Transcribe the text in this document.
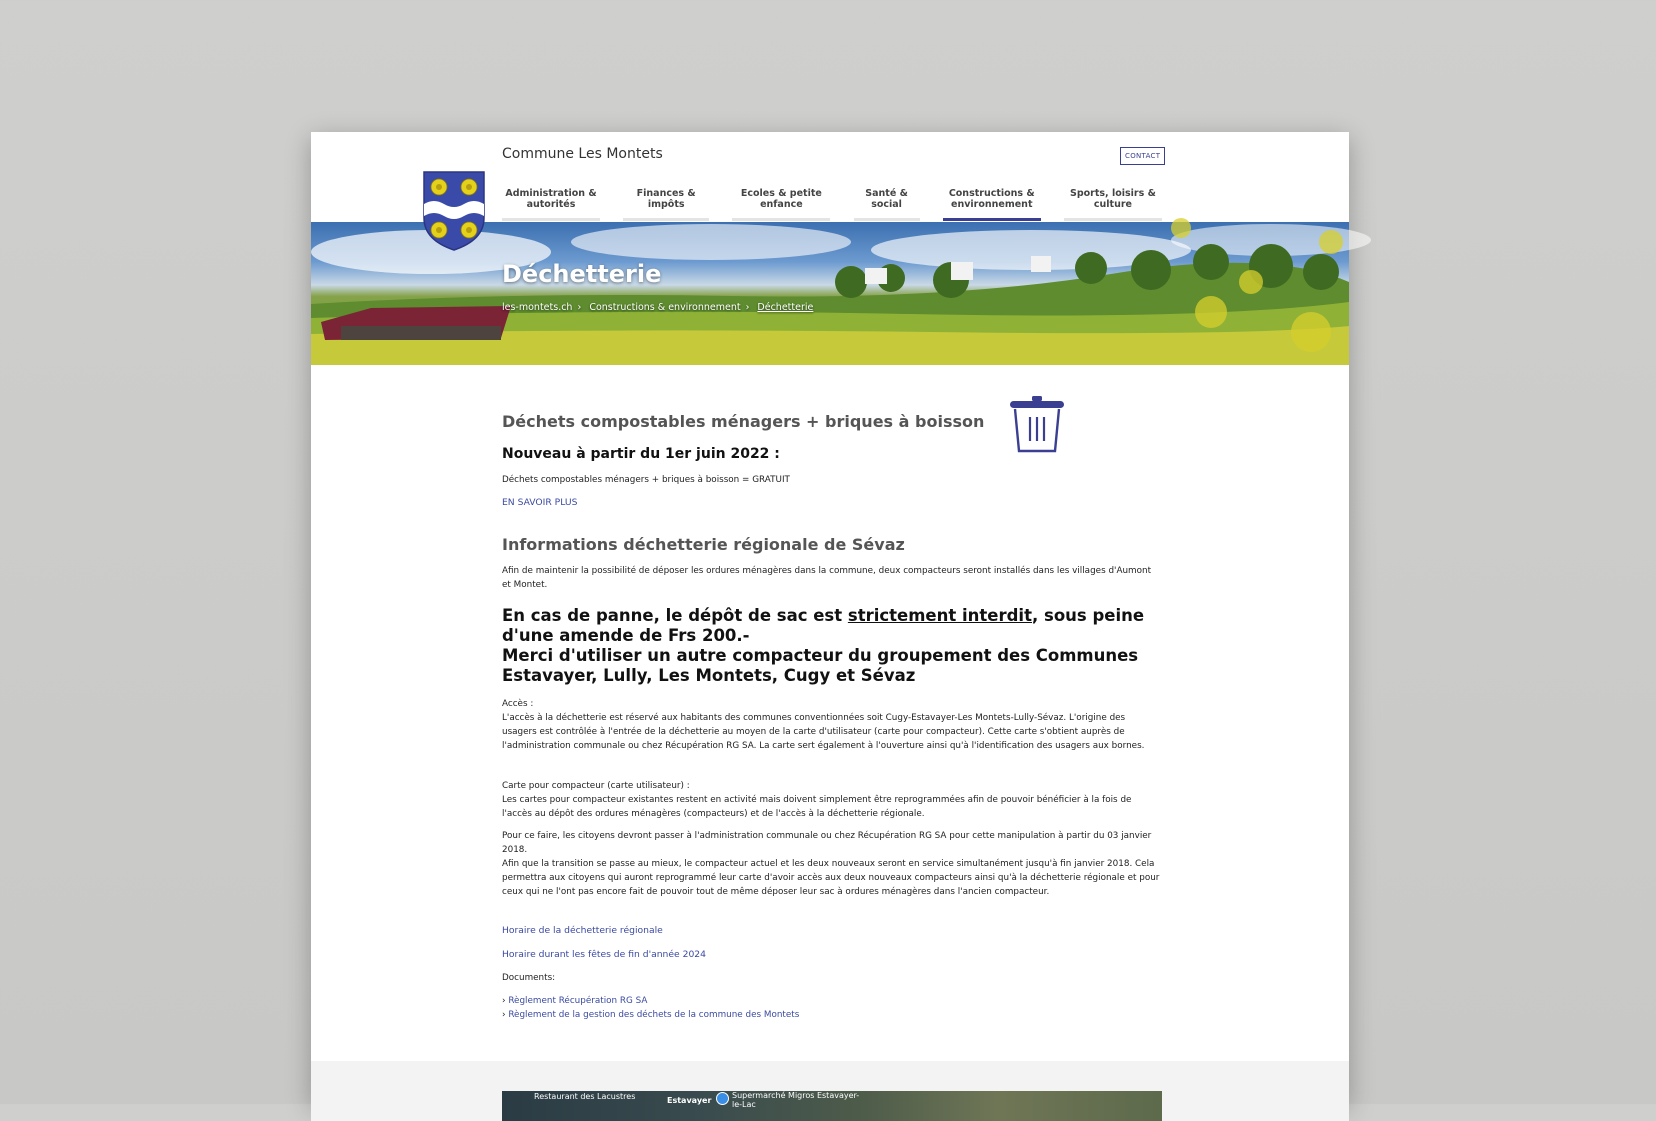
Commune Les Montets	CONTACT
Administration & autorités
Finances & impôts
Ecoles & petite enfance
Santé & social
Constructions & environnement
Sports, loisirs & culture
Déchetterie
les-montets.ch › Constructions & environnement › Déchetterie
Déchets compostables ménagers + briques à boisson
Nouveau à partir du 1er juin 2022 :
Déchets compostables ménagers + briques à boisson = GRATUIT
EN SAVOIR PLUS
Informations déchetterie régionale de Sévaz
Afin de maintenir la possibilité de déposer les ordures ménagères dans la commune, deux compacteurs seront installés dans les villages d'Aumont et Montet.
En cas de panne, le dépôt de sac est strictement interdit, sous peine d'une amende de Frs 200.-
Merci d'utiliser un autre compacteur du groupement des Communes Estavayer, Lully, Les Montets, Cugy et Sévaz
Accès :
L'accès à la déchetterie est réservé aux habitants des communes conventionnées soit Cugy-Estavayer-Les Montets-Lully-Sévaz. L'origine des usagers est contrôlée à l'entrée de la déchetterie au moyen de la carte d'utilisateur (carte pour compacteur). Cette carte s'obtient auprès de l'administration communale ou chez Récupération RG SA. La carte sert également à l'ouverture ainsi qu'à l'identification des usagers aux bornes.
Carte pour compacteur (carte utilisateur) :
Les cartes pour compacteur existantes restent en activité mais doivent simplement être reprogrammées afin de pouvoir bénéficier à la fois de l'accès au dépôt des ordures ménagères (compacteurs) et de l'accès à la déchetterie régionale.
Pour ce faire, les citoyens devront passer à l'administration communale ou chez Récupération RG SA pour cette manipulation à partir du 03 janvier 2018.
Afin que la transition se passe au mieux, le compacteur actuel et les deux nouveaux seront en service simultanément jusqu'à fin janvier 2018. Cela permettra aux citoyens qui auront reprogrammé leur carte d'avoir accès aux deux nouveaux compacteurs ainsi qu'à la déchetterie régionale et pour ceux qui ne l'ont pas encore fait de pouvoir tout de même déposer leur sac à ordures ménagères dans l'ancien compacteur.
Horaire de la déchetterie régionale
Horaire durant les fêtes de fin d'année 2024
Documents:
› Règlement Récupération RG SA
› Règlement de la gestion des déchets de la commune des Montets
Restaurant des Lacustres	Estavayer
Supermarché Migros Estavayer-le-Lac
